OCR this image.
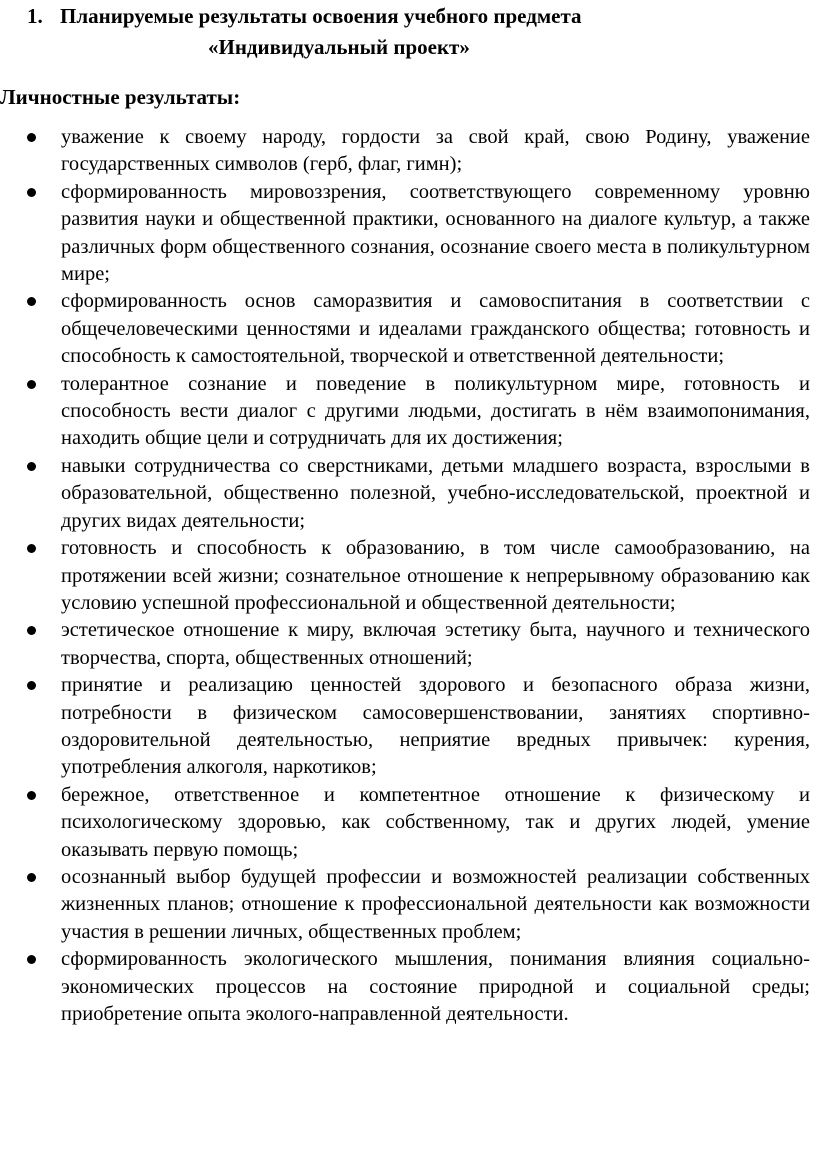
1. Планируемые результаты освоения учебного предмета
«Индивидуальный проект»
Личностные результаты:
уважение к своему народу, гордости за свой край, свою Родину, уважение государственных символов (герб, флаг, гимн);
сформированность мировоззрения, соответствующего современному уровню развития науки и общественной практики, основанного на диалоге культур, а также различных форм общественного сознания, осознание своего места в поликультурном мире;
сформированность основ саморазвития и самовоспитания в соответствии с общечеловеческими ценностями и идеалами гражданского общества; готовность и способность к самостоятельной, творческой и ответственной деятельности;
толерантное сознание и поведение в поликультурном мире, готовность и способность вести диалог с другими людьми, достигать в нём взаимопонимания, находить общие цели и сотрудничать для их достижения;
навыки сотрудничества со сверстниками, детьми младшего возраста, взрослыми в образовательной, общественно полезной, учебно-исследовательской, проектной и других видах деятельности;
готовность и способность к образованию, в том числе самообразованию, на протяжении всей жизни; сознательное отношение к непрерывному образованию как условию успешной профессиональной и общественной деятельности;
эстетическое отношение к миру, включая эстетику быта, научного и технического творчества, спорта, общественных отношений;
принятие и реализацию ценностей здорового и безопасного образа жизни, потребности в физическом самосовершенствовании, занятиях спортивно-оздоровительной деятельностью, неприятие вредных привычек: курения, употребления алкоголя, наркотиков;
бережное, ответственное и компетентное отношение к физическому и психологическому здоровью, как собственному, так и других людей, умение оказывать первую помощь;
осознанный выбор будущей профессии и возможностей реализации собственных жизненных планов; отношение к профессиональной деятельности как возможности участия в решении личных, общественных проблем;
сформированность экологического мышления, понимания влияния социально-экономических процессов на состояние природной и социальной среды; приобретение опыта эколого-направленной деятельности.
